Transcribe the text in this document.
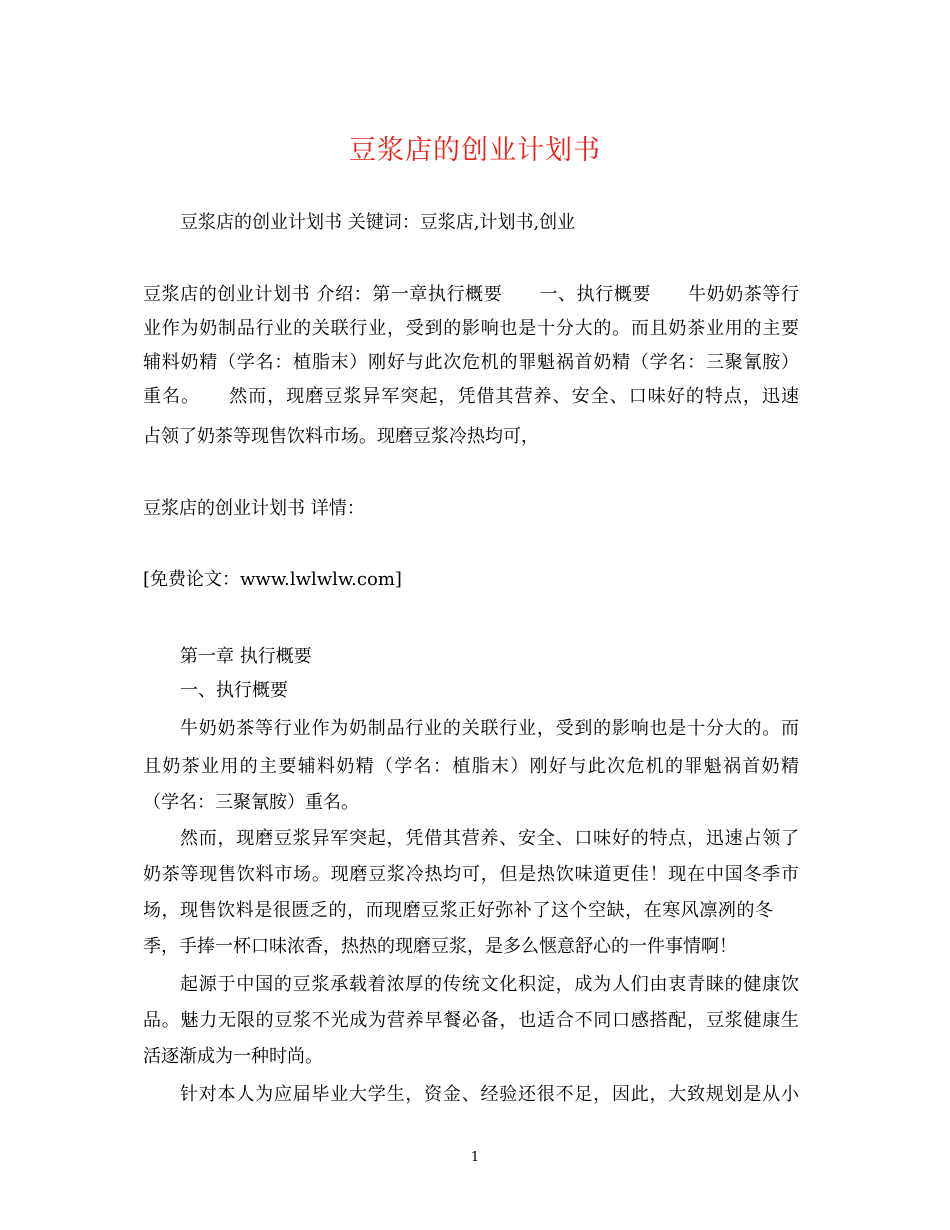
豆浆店的创业计划书
豆浆店的创业计划书 关键词：豆浆店,计划书,创业
豆浆店的创业计划书 介绍：第一章执行概要　　一、执行概要　　牛奶奶茶等行
业作为奶制品行业的关联行业，受到的影响也是十分大的。而且奶茶业用的主要
辅料奶精（学名：植脂末）刚好与此次危机的罪魁祸首奶精（学名：三聚氰胺）
重名。　　然而，现磨豆浆异军突起，凭借其营养、安全、口味好的特点，迅速
占领了奶茶等现售饮料市场。现磨豆浆冷热均可，
豆浆店的创业计划书 详情：
[免费论文：www.lwlwlw.com]
第一章 执行概要
一、执行概要
牛奶奶茶等行业作为奶制品行业的关联行业，受到的影响也是十分大的。而
且奶茶业用的主要辅料奶精（学名：植脂末）刚好与此次危机的罪魁祸首奶精
（学名：三聚氰胺）重名。
然而，现磨豆浆异军突起，凭借其营养、安全、口味好的特点，迅速占领了
奶茶等现售饮料市场。现磨豆浆冷热均可，但是热饮味道更佳！现在中国冬季市
场，现售饮料是很匮乏的，而现磨豆浆正好弥补了这个空缺，在寒风凛冽的冬
季，手捧一杯口味浓香，热热的现磨豆浆，是多么惬意舒心的一件事情啊！
起源于中国的豆浆承载着浓厚的传统文化积淀，成为人们由衷青睐的健康饮
品。魅力无限的豆浆不光成为营养早餐必备，也适合不同口感搭配，豆浆健康生
活逐渐成为一种时尚。
针对本人为应届毕业大学生，资金、经验还很不足，因此，大致规划是从小
1
